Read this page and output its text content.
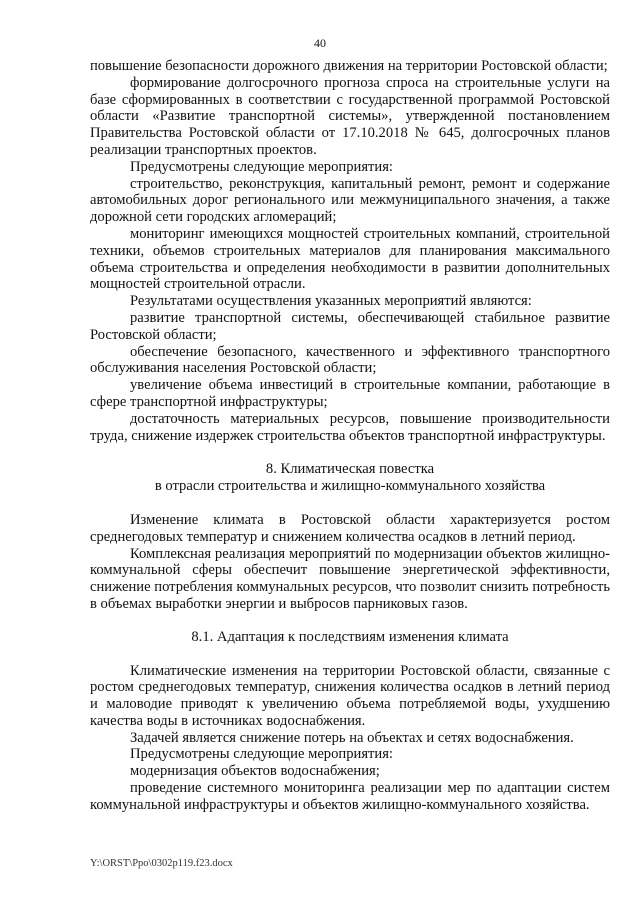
40

повышение безопасности дорожного движения на территории Ростовской области;

формирование долгосрочного прогноза спроса на строительные услуги на базе сформированных в соответствии с государственной программой Ростовской области «Развитие транспортной системы», утвержденной постановлением Правительства Ростовской области от 17.10.2018 № 645, долгосрочных планов реализации транспортных проектов.

Предусмотрены следующие мероприятия:

строительство, реконструкция, капитальный ремонт, ремонт и содержание автомобильных дорог регионального или межмуниципального значения, а также дорожной сети городских агломераций;

мониторинг имеющихся мощностей строительных компаний, строительной техники, объемов строительных материалов для планирования максимального объема строительства и определения необходимости в развитии дополнительных мощностей строительной отрасли.

Результатами осуществления указанных мероприятий являются:

развитие транспортной системы, обеспечивающей стабильное развитие Ростовской области;

обеспечение безопасного, качественного и эффективного транспортного обслуживания населения Ростовской области;

увеличение объема инвестиций в строительные компании, работающие в сфере транспортной инфраструктуры;

достаточность материальных ресурсов, повышение производительности труда, снижение издержек строительства объектов транспортной инфраструктуры.

8. Климатическая повестка

в отрасли строительства и жилищно-коммунального хозяйства

Изменение климата в Ростовской области характеризуется ростом среднегодовых температур и снижением количества осадков в летний период.

Комплексная реализация мероприятий по модернизации объектов жилищно-коммунальной сферы обеспечит повышение энергетической эффективности, снижение потребления коммунальных ресурсов, что позволит снизить потребность в объемах выработки энергии и выбросов парниковых газов.

8.1. Адаптация к последствиям изменения климата

Климатические изменения на территории Ростовской области, связанные с ростом среднегодовых температур, снижения количества осадков в летний период и маловодие приводят к увеличению объема потребляемой воды, ухудшению качества воды в источниках водоснабжения.

Задачей является снижение потерь на объектах и сетях водоснабжения.

Предусмотрены следующие мероприятия:

модернизация объектов водоснабжения;

проведение системного мониторинга реализации мер по адаптации систем коммунальной инфраструктуры и объектов жилищно-коммунального хозяйства.

Y:\ORST\Ppo\0302p119.f23.docx
